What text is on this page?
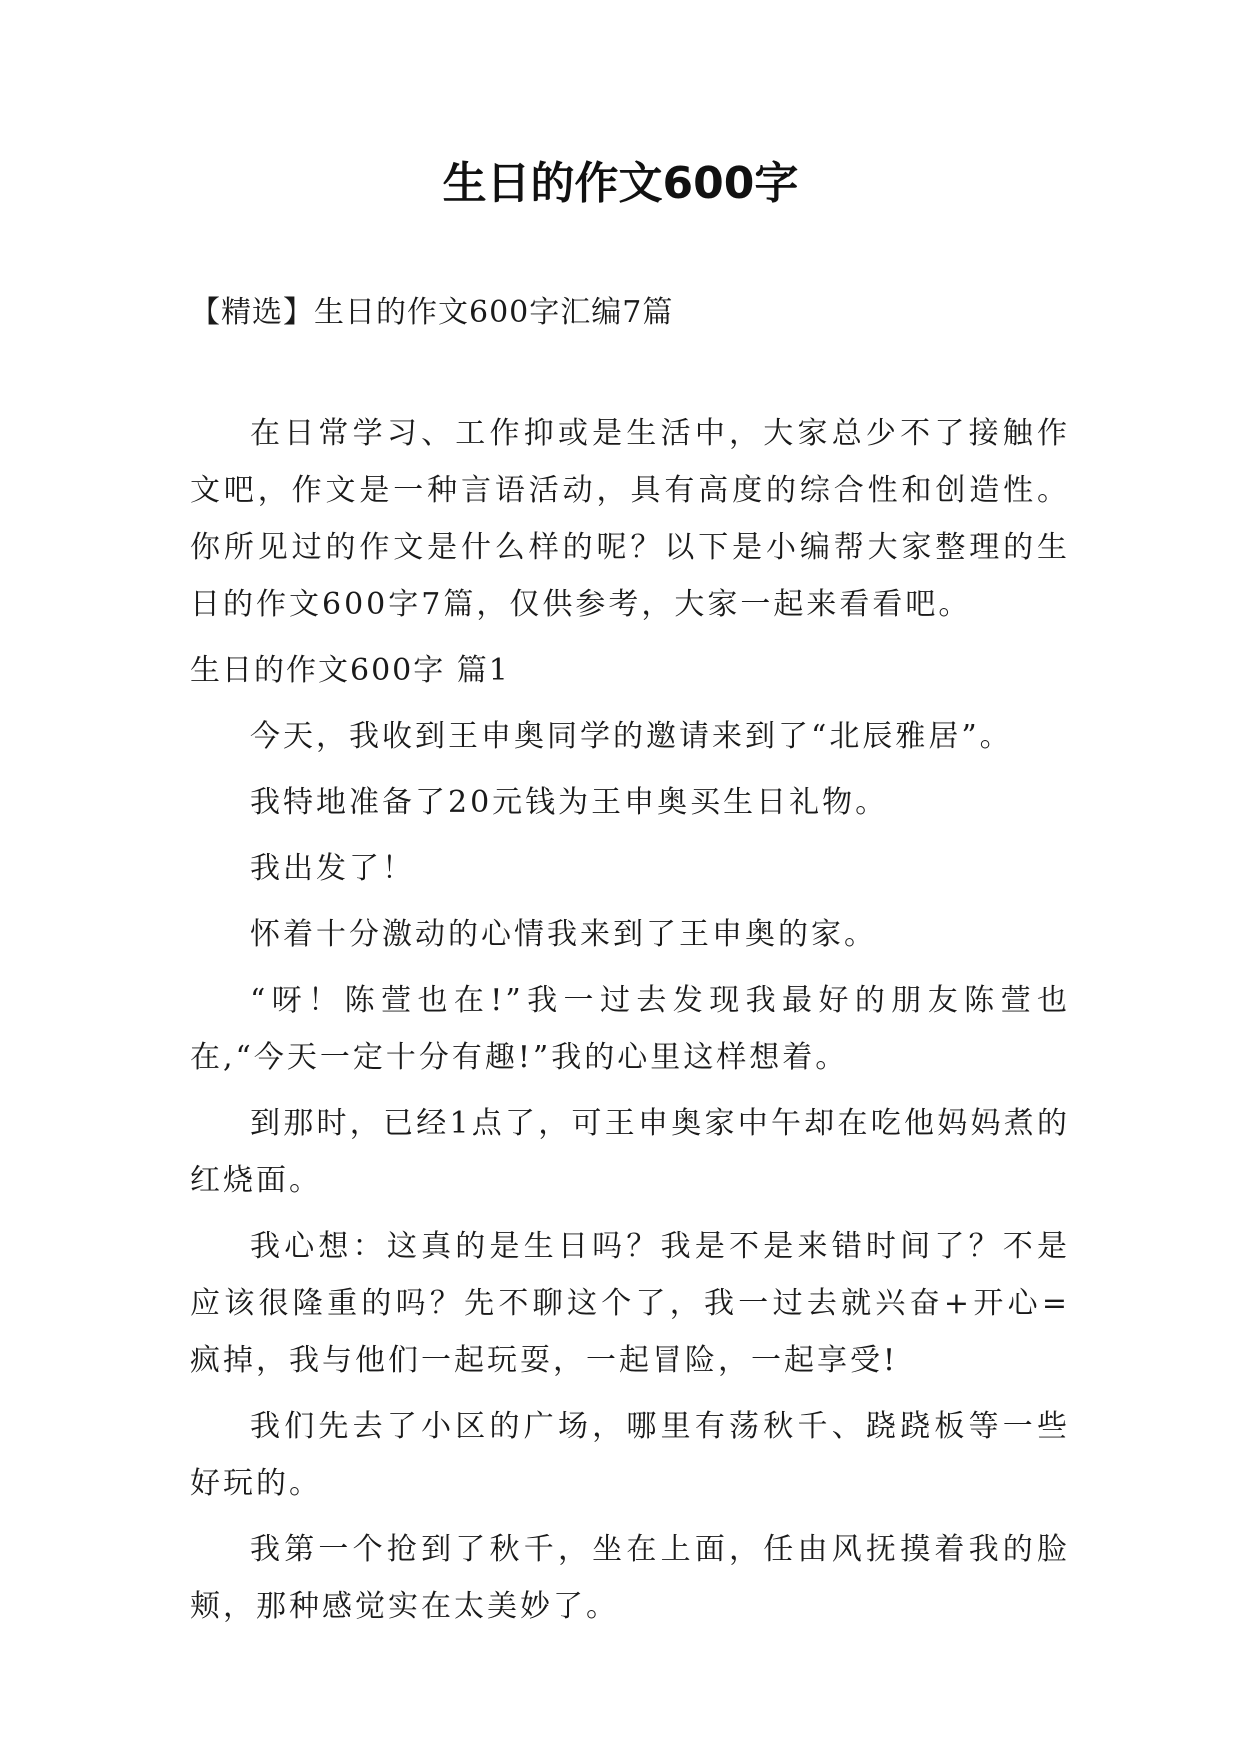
生日的作文600字

【精选】生日的作文600字汇编7篇

在日常学习、工作抑或是生活中，大家总少不了接触作文吧，作文是一种言语活动，具有高度的综合性和创造性。你所见过的作文是什么样的呢？以下是小编帮大家整理的生日的作文600字7篇，仅供参考，大家一起来看看吧。

生日的作文600字 篇1

今天，我收到王申奥同学的邀请来到了“北辰雅居”。

我特地准备了20元钱为王申奥买生日礼物。

我出发了！

怀着十分激动的心情我来到了王申奥的家。

“呀！陈萱也在!”我一过去发现我最好的朋友陈萱也在,“今天一定十分有趣!”我的心里这样想着。

到那时，已经1点了，可王申奥家中午却在吃他妈妈煮的红烧面。

我心想：这真的是生日吗？我是不是来错时间了？不是应该很隆重的吗？先不聊这个了，我一过去就兴奋+开心=疯掉，我与他们一起玩耍，一起冒险，一起享受!

我们先去了小区的广场，哪里有荡秋千、跷跷板等一些好玩的。

我第一个抢到了秋千，坐在上面，任由风抚摸着我的脸颊，那种感觉实在太美妙了。
